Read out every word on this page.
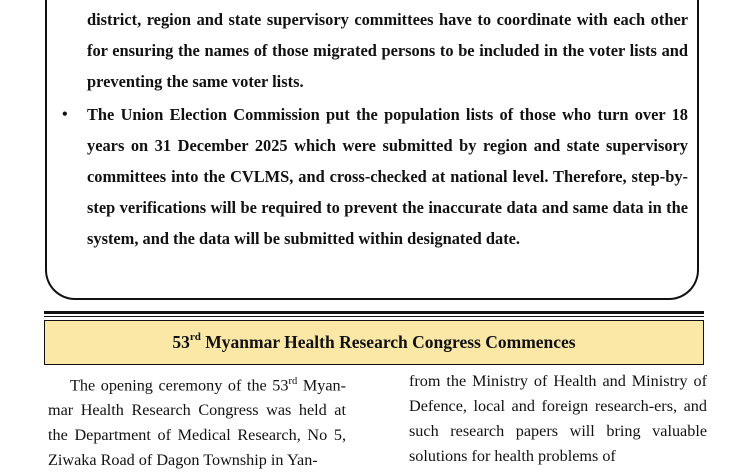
district, region and state supervisory committees have to coordinate with each other for ensuring the names of those migrated persons to be included in the voter lists and preventing the same voter lists.

• The Union Election Commission put the population lists of those who turn over 18 years on 31 December 2025 which were submitted by region and state supervisory committees into the CVLMS, and cross-checked at national level. Therefore, step-by-step verifications will be required to prevent the inaccurate data and same data in the system, and the data will be submitted within designated date.

53rd Myanmar Health Research Congress Commences

The opening ceremony of the 53rd Myan-mar Health Research Congress was held at the Department of Medical Research, No 5, Ziwaka Road of Dagon Township in Yan-

from the Ministry of Health and Ministry of Defence, local and foreign research-ers, and such research papers will bring valuable solutions for health problems of
